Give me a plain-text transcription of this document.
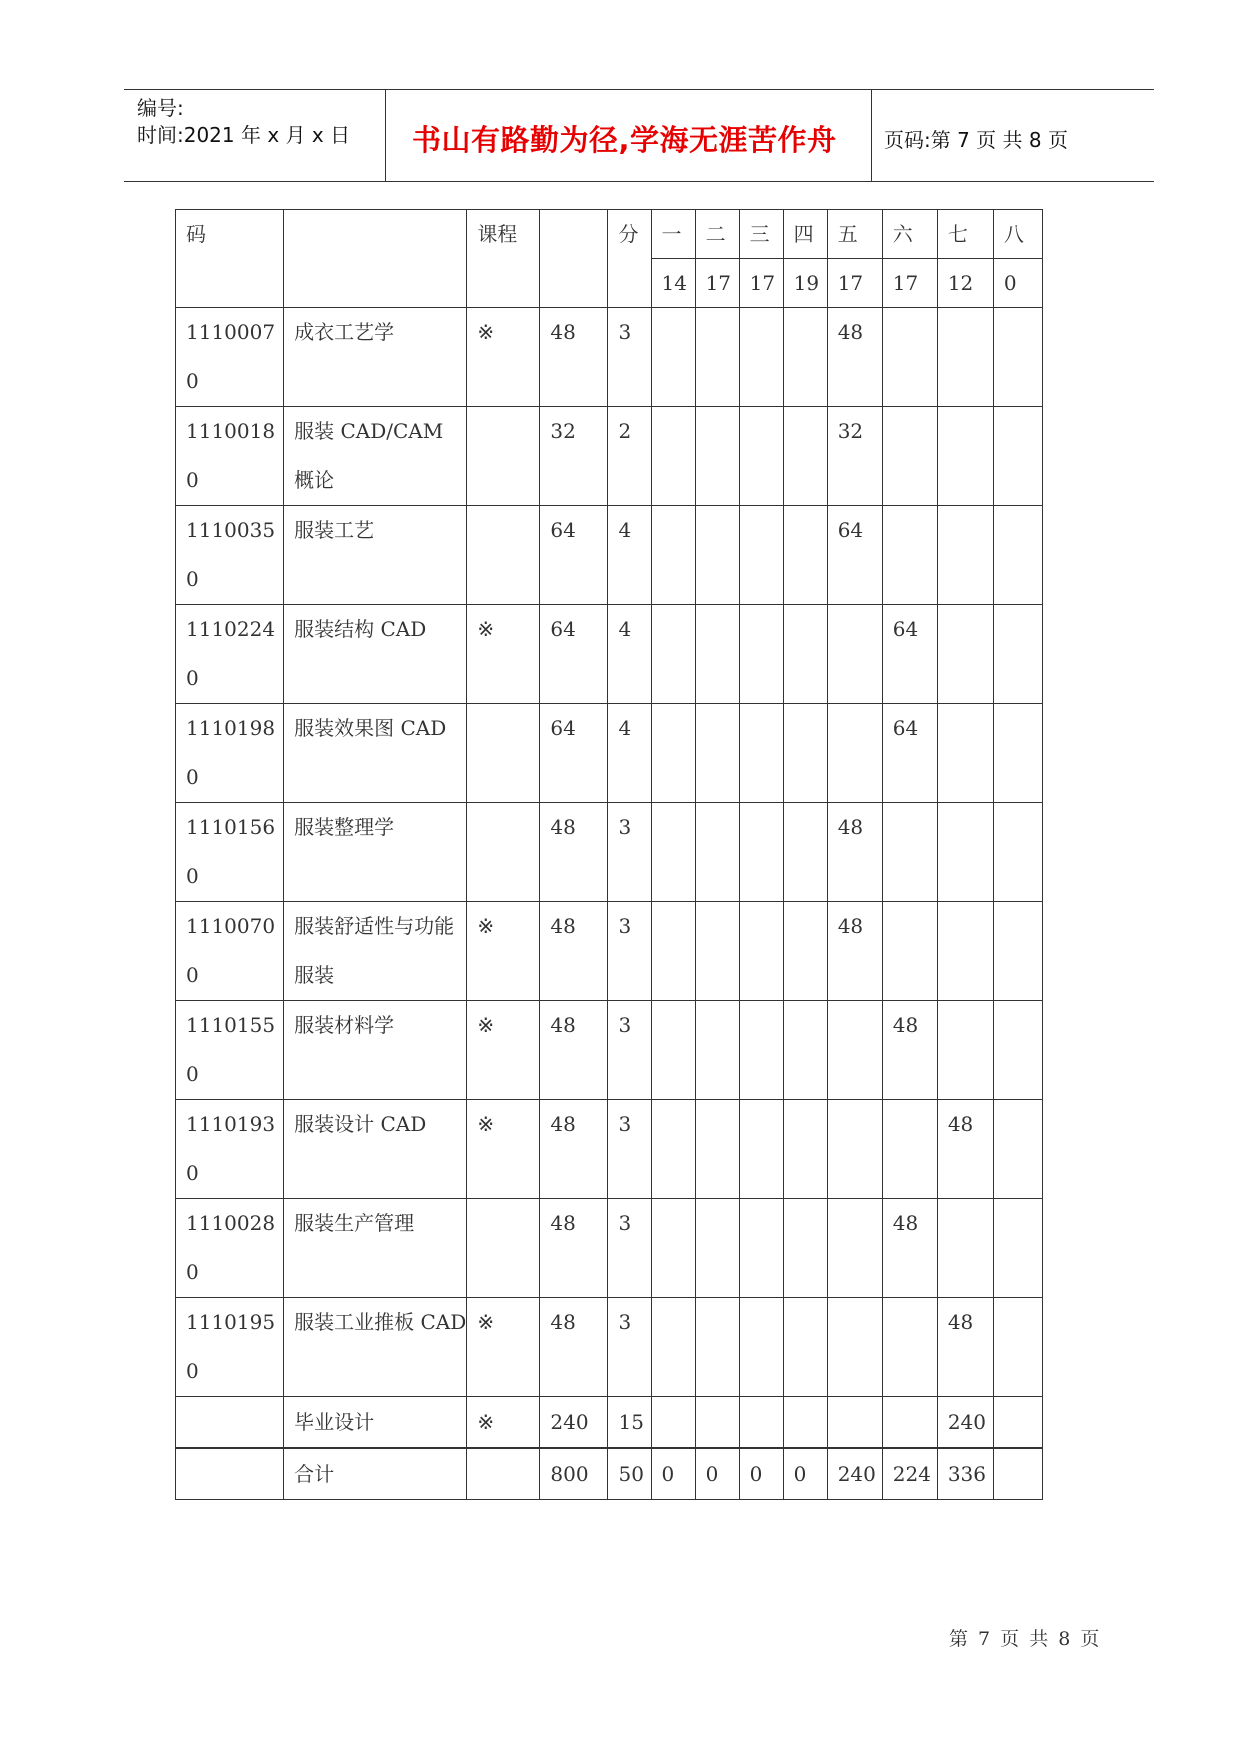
编号:
时间:2021 年 x 月 x 日 书山有路勤为径,学海无涯苦作舟 页码:第 7 页 共 8 页
码		课程		分	一	二	三	四	五	六	七	八
					14	17	17	19	17	17	12	0
11100070	成衣工艺学	※	48	3					48			
11100180	服装 CAD/CAM 概论		32	2					32			
11100350	服装工艺		64	4					64			
11102240	服装结构 CAD	※	64	4						64		
11101980	服装效果图 CAD		64	4						64		
11101560	服装整理学		48	3					48			
11100700	服装舒适性与功能服装	※	48	3					48			
11101550	服装材料学	※	48	3						48		
11101930	服装设计 CAD	※	48	3							48	
11100280	服装生产管理		48	3						48		
11101950	服装工业推板 CAD	※	48	3							48	
	毕业设计	※	240	15							240	
	合计		800	50	0	0	0	0	240	224	336	
第 7 页 共 8 页
